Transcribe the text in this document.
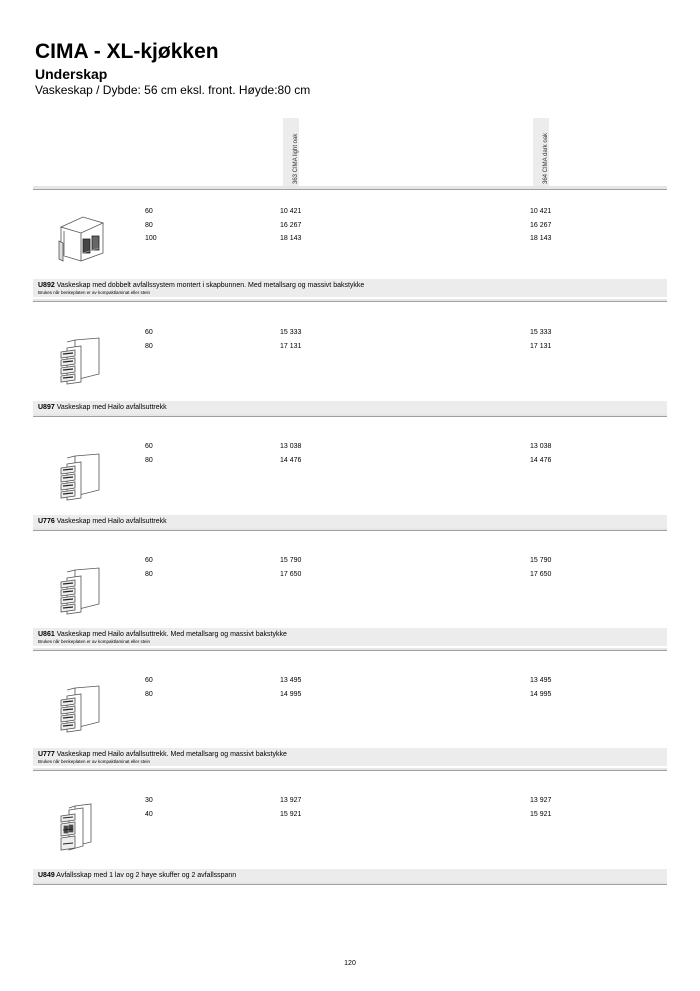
CIMA - XL-kjøkken
Underskap
Vaskeskap / Dybde: 56 cm eksl. front. Høyde:80 cm
363 CIMA light oak	364 CIMA dark oak
60
80
100
10 421
16 267
18 143
10 421
16 267
18 143
U892 Vaskeskap med dobbelt avfallssystem montert i skapbunnen. Med metallsarg og massivt bakstykke
Brukes når benkeplaten er av kompaktlaminat eller stein
60
80
15 333
17 131
15 333
17 131
U897 Vaskeskap med Hailo avfallsuttrekk
60
80
13 038
14 476
13 038
14 476
U776 Vaskeskap med Hailo avfallsuttrekk
60
80
15 790
17 650
15 790
17 650
U861 Vaskeskap med Hailo avfallsuttrekk. Med metallsarg og massivt bakstykke
Brukes når benkeplaten er av kompaktlaminat eller stein
60
80
13 495
14 995
13 495
14 995
U777 Vaskeskap med Hailo avfallsuttrekk. Med metallsarg og massivt bakstykke
Brukes når benkeplaten er av kompaktlaminat eller stein
30
40
13 927
15 921
13 927
15 921
U849 Avfallsskap med 1 lav og 2 høye skuffer og 2 avfallsspann
120
